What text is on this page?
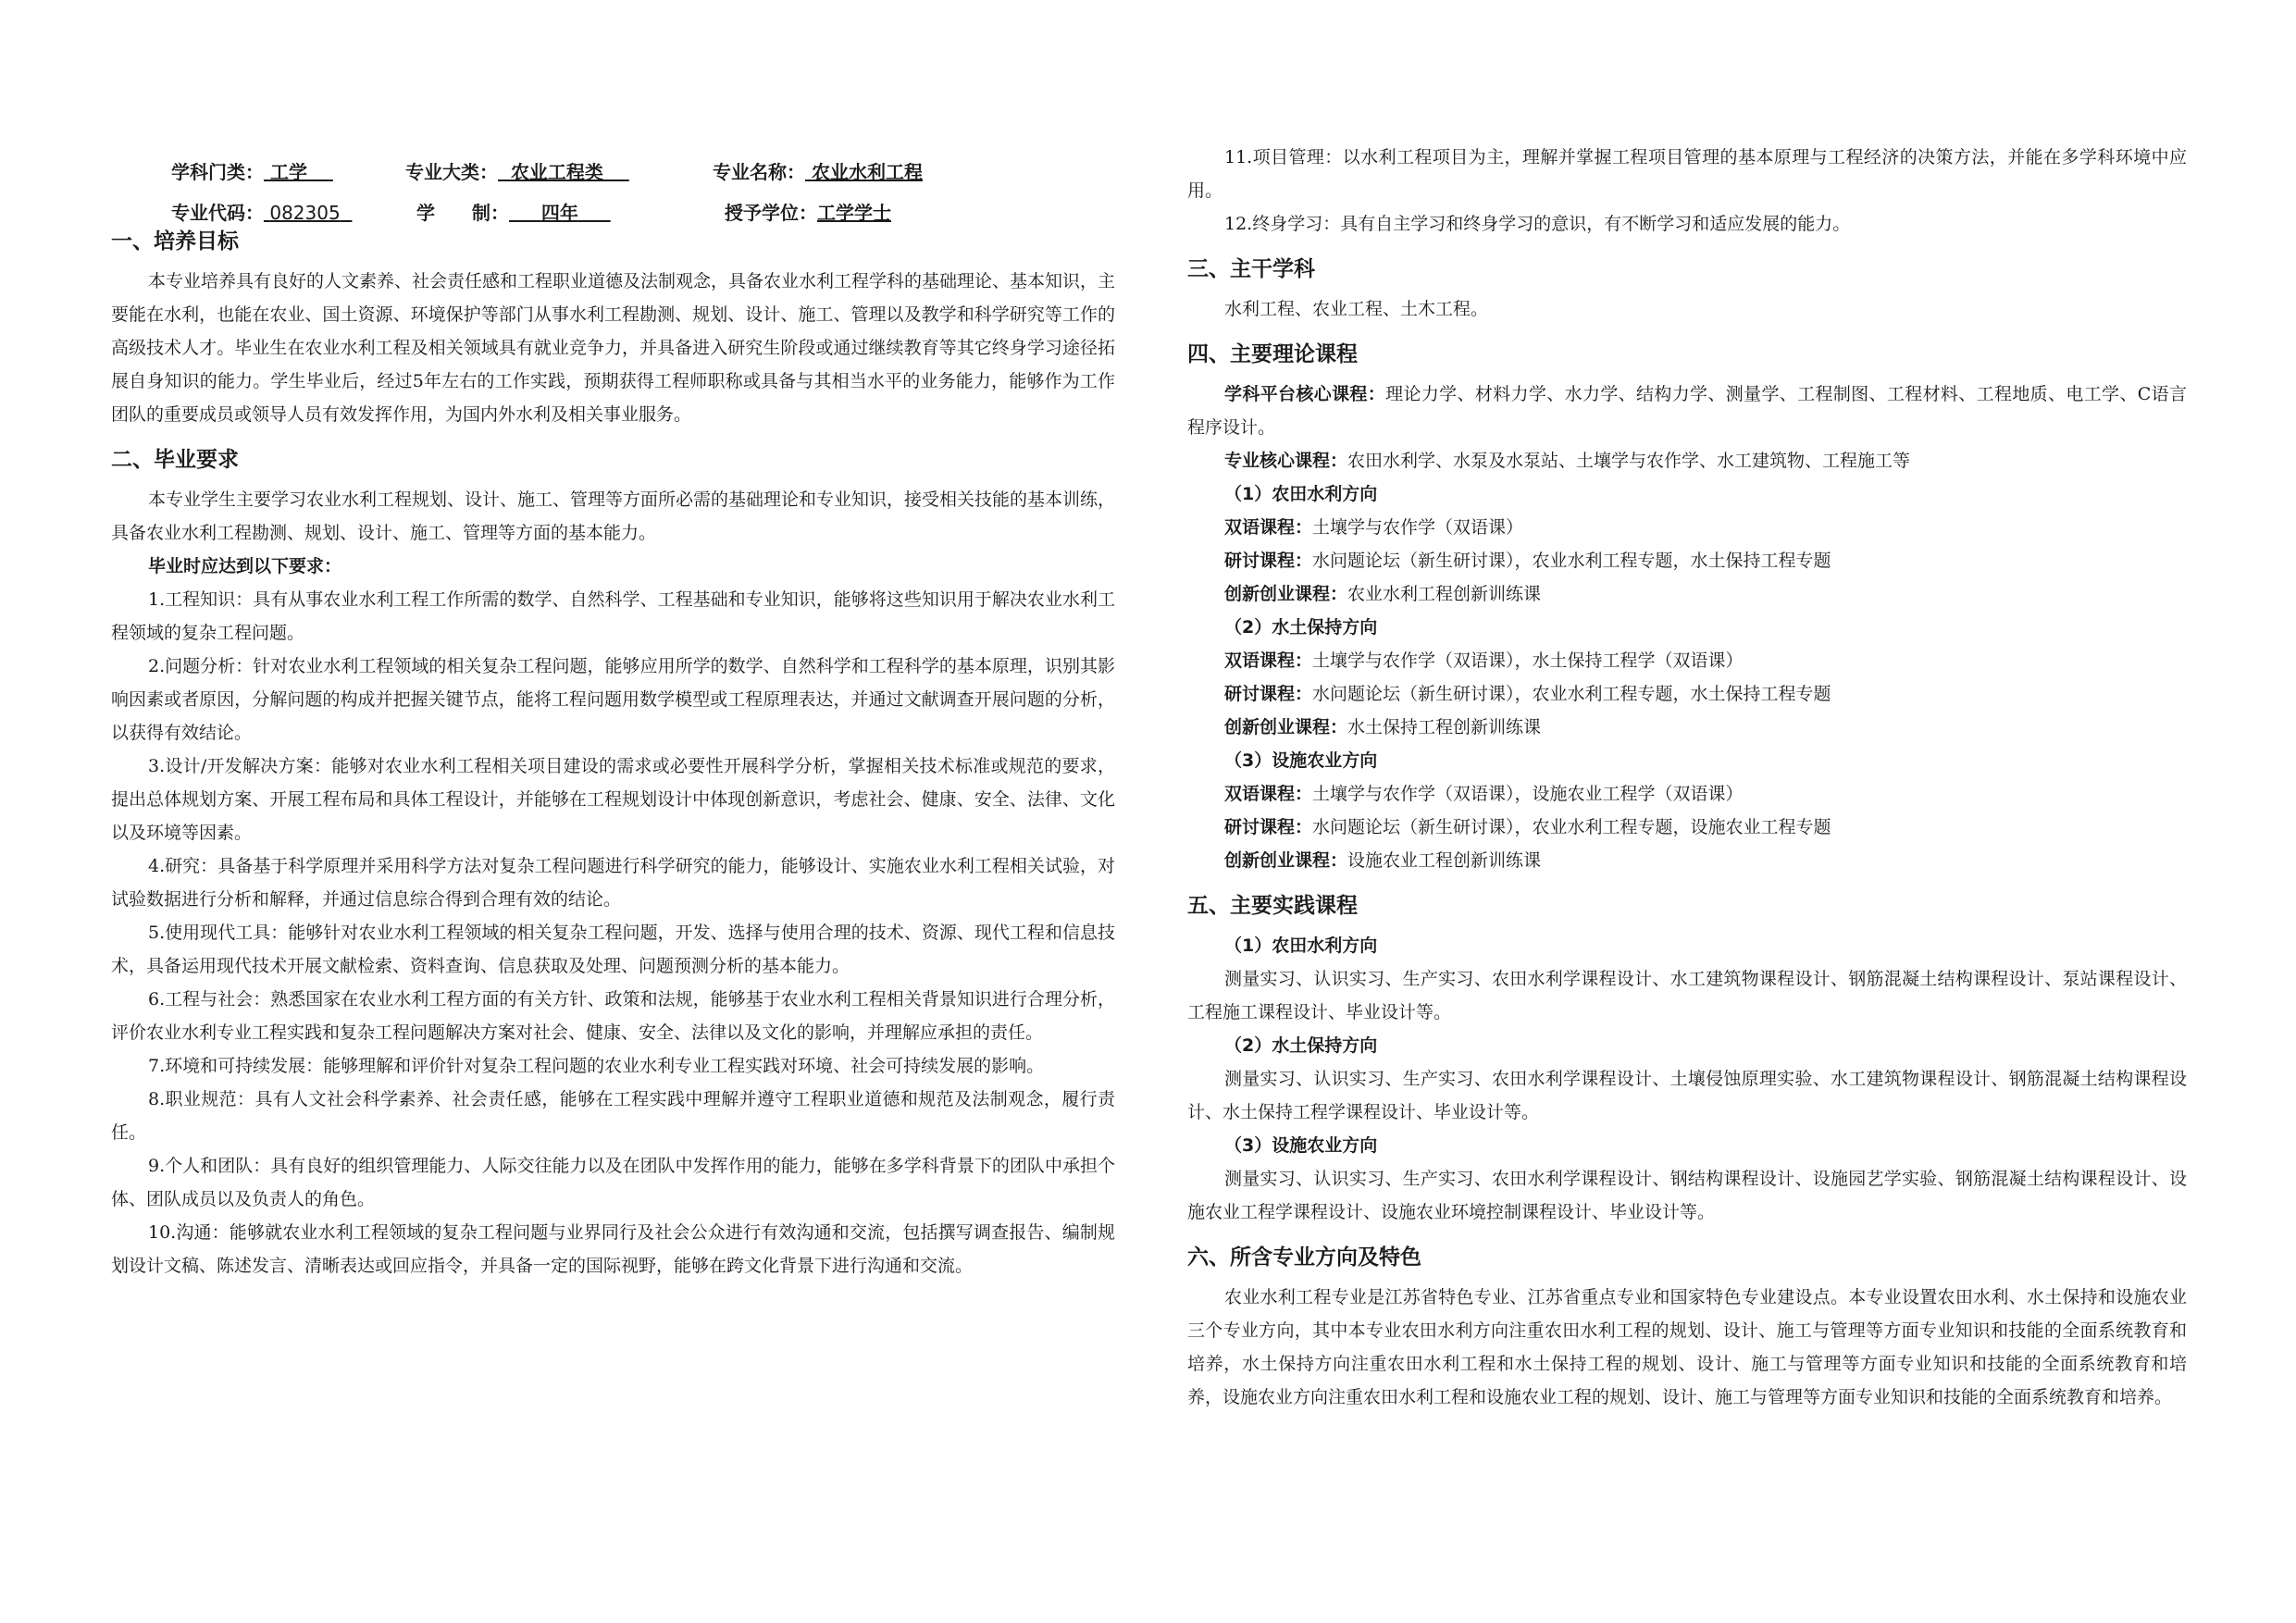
学科门类： 工学	专业大类： 农业工程类	专业名称： 农业水利工程
专业代码： 082305	学　　制： 四年	授予学位：工学学士
一、培养目标

本专业培养具有良好的人文素养、社会责任感和工程职业道德及法制观念，具备农业水利工程学科的基础理论、基本知识，主要能在水利，也能在农业、国土资源、环境保护等部门从事水利工程勘测、规划、设计、施工、管理以及教学和科学研究等工作的高级技术人才。毕业生在农业水利工程及相关领域具有就业竞争力，并具备进入研究生阶段或通过继续教育等其它终身学习途径拓展自身知识的能力。学生毕业后，经过5年左右的工作实践，预期获得工程师职称或具备与其相当水平的业务能力，能够作为工作团队的重要成员或领导人员有效发挥作用，为国内外水利及相关事业服务。

二、毕业要求

本专业学生主要学习农业水利工程规划、设计、施工、管理等方面所必需的基础理论和专业知识，接受相关技能的基本训练，具备农业水利工程勘测、规划、设计、施工、管理等方面的基本能力。

毕业时应达到以下要求：

1.工程知识：具有从事农业水利工程工作所需的数学、自然科学、工程基础和专业知识，能够将这些知识用于解决农业水利工程领域的复杂工程问题。

2.问题分析：针对农业水利工程领域的相关复杂工程问题，能够应用所学的数学、自然科学和工程科学的基本原理，识别其影响因素或者原因，分解问题的构成并把握关键节点，能将工程问题用数学模型或工程原理表达，并通过文献调查开展问题的分析，以获得有效结论。

3.设计/开发解决方案：能够对农业水利工程相关项目建设的需求或必要性开展科学分析，掌握相关技术标准或规范的要求，提出总体规划方案、开展工程布局和具体工程设计，并能够在工程规划设计中体现创新意识，考虑社会、健康、安全、法律、文化以及环境等因素。

4.研究：具备基于科学原理并采用科学方法对复杂工程问题进行科学研究的能力，能够设计、实施农业水利工程相关试验，对试验数据进行分析和解释，并通过信息综合得到合理有效的结论。

5.使用现代工具：能够针对农业水利工程领域的相关复杂工程问题，开发、选择与使用合理的技术、资源、现代工程和信息技术，具备运用现代技术开展文献检索、资料查询、信息获取及处理、问题预测分析的基本能力。

6.工程与社会：熟悉国家在农业水利工程方面的有关方针、政策和法规，能够基于农业水利工程相关背景知识进行合理分析，评价农业水利专业工程实践和复杂工程问题解决方案对社会、健康、安全、法律以及文化的影响，并理解应承担的责任。

7.环境和可持续发展：能够理解和评价针对复杂工程问题的农业水利专业工程实践对环境、社会可持续发展的影响。

8.职业规范：具有人文社会科学素养、社会责任感，能够在工程实践中理解并遵守工程职业道德和规范及法制观念，履行责任。

9.个人和团队：具有良好的组织管理能力、人际交往能力以及在团队中发挥作用的能力，能够在多学科背景下的团队中承担个体、团队成员以及负责人的角色。

10.沟通：能够就农业水利工程领域的复杂工程问题与业界同行及社会公众进行有效沟通和交流，包括撰写调查报告、编制规划设计文稿、陈述发言、清晰表达或回应指令，并具备一定的国际视野，能够在跨文化背景下进行沟通和交流。

11.项目管理：以水利工程项目为主，理解并掌握工程项目管理的基本原理与工程经济的决策方法，并能在多学科环境中应用。

12.终身学习：具有自主学习和终身学习的意识，有不断学习和适应发展的能力。

三、主干学科

水利工程、农业工程、土木工程。

四、主要理论课程

学科平台核心课程：理论力学、材料力学、水力学、结构力学、测量学、工程制图、工程材料、工程地质、电工学、C语言程序设计。

专业核心课程：农田水利学、水泵及水泵站、土壤学与农作学、水工建筑物、工程施工等

（1）农田水利方向

双语课程：土壤学与农作学（双语课）

研讨课程：水问题论坛（新生研讨课），农业水利工程专题，水土保持工程专题

创新创业课程：农业水利工程创新训练课

（2）水土保持方向

双语课程：土壤学与农作学（双语课），水土保持工程学（双语课）

研讨课程：水问题论坛（新生研讨课），农业水利工程专题，水土保持工程专题

创新创业课程：水土保持工程创新训练课

（3）设施农业方向

双语课程：土壤学与农作学（双语课），设施农业工程学（双语课）

研讨课程：水问题论坛（新生研讨课），农业水利工程专题，设施农业工程专题

创新创业课程：设施农业工程创新训练课

五、主要实践课程

（1）农田水利方向

测量实习、认识实习、生产实习、农田水利学课程设计、水工建筑物课程设计、钢筋混凝土结构课程设计、泵站课程设计、工程施工课程设计、毕业设计等。

（2）水土保持方向

测量实习、认识实习、生产实习、农田水利学课程设计、土壤侵蚀原理实验、水工建筑物课程设计、钢筋混凝土结构课程设计、水土保持工程学课程设计、毕业设计等。

（3）设施农业方向

测量实习、认识实习、生产实习、农田水利学课程设计、钢结构课程设计、设施园艺学实验、钢筋混凝土结构课程设计、设施农业工程学课程设计、设施农业环境控制课程设计、毕业设计等。

六、所含专业方向及特色

农业水利工程专业是江苏省特色专业、江苏省重点专业和国家特色专业建设点。本专业设置农田水利、水土保持和设施农业三个专业方向，其中本专业农田水利方向注重农田水利工程的规划、设计、施工与管理等方面专业知识和技能的全面系统教育和培养，水土保持方向注重农田水利工程和水土保持工程的规划、设计、施工与管理等方面专业知识和技能的全面系统教育和培养，设施农业方向注重农田水利工程和设施农业工程的规划、设计、施工与管理等方面专业知识和技能的全面系统教育和培养。
